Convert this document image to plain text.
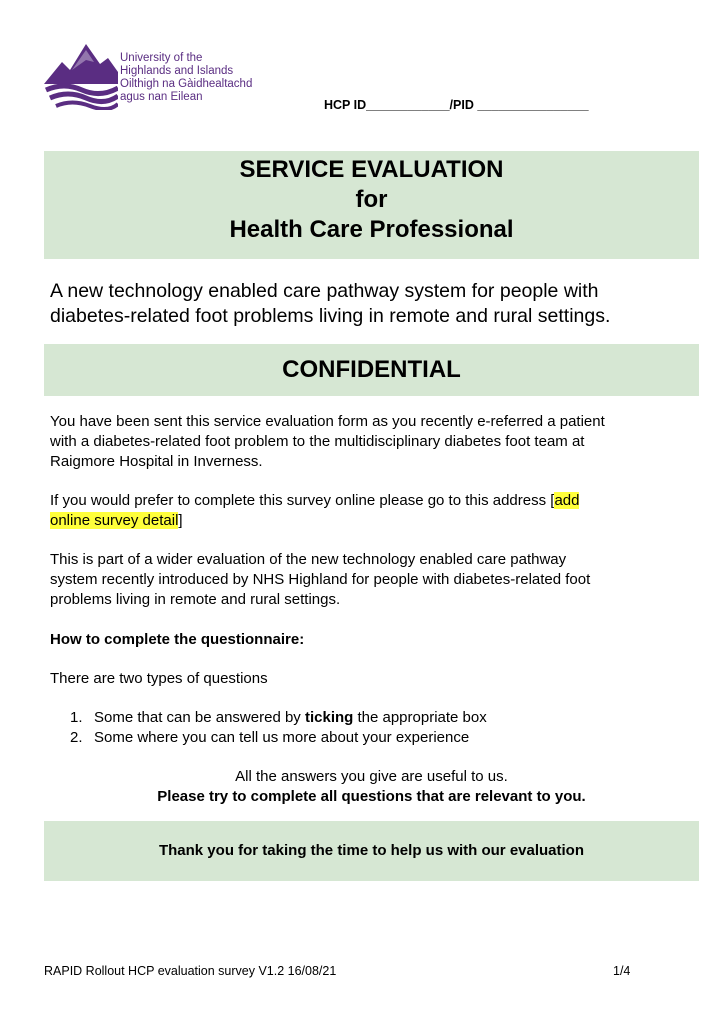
University of the
Highlands and Islands
Oilthigh na Gàidhealtachd
agus nan Eilean
HCP ID____________/PID ________________
SERVICE EVALUATION
for
Health Care Professional
A new technology enabled care pathway system for people with
diabetes-related foot problems living in remote and rural settings.
CONFIDENTIAL
You have been sent this service evaluation form as you recently e-referred a patient
with a diabetes-related foot problem to the multidisciplinary diabetes foot team at
Raigmore Hospital in Inverness.
If you would prefer to complete this survey online please go to this address [add
online survey detail]
This is part of a wider evaluation of the new technology enabled care pathway
system recently introduced by NHS Highland for people with diabetes-related foot
problems living in remote and rural settings.
How to complete the questionnaire:
There are two types of questions
1. Some that can be answered by ticking the appropriate box
2. Some where you can tell us more about your experience
All the answers you give are useful to us.
Please try to complete all questions that are relevant to you.
Thank you for taking the time to help us with our evaluation
RAPID Rollout HCP evaluation survey V1.2 16/08/21	1/4
